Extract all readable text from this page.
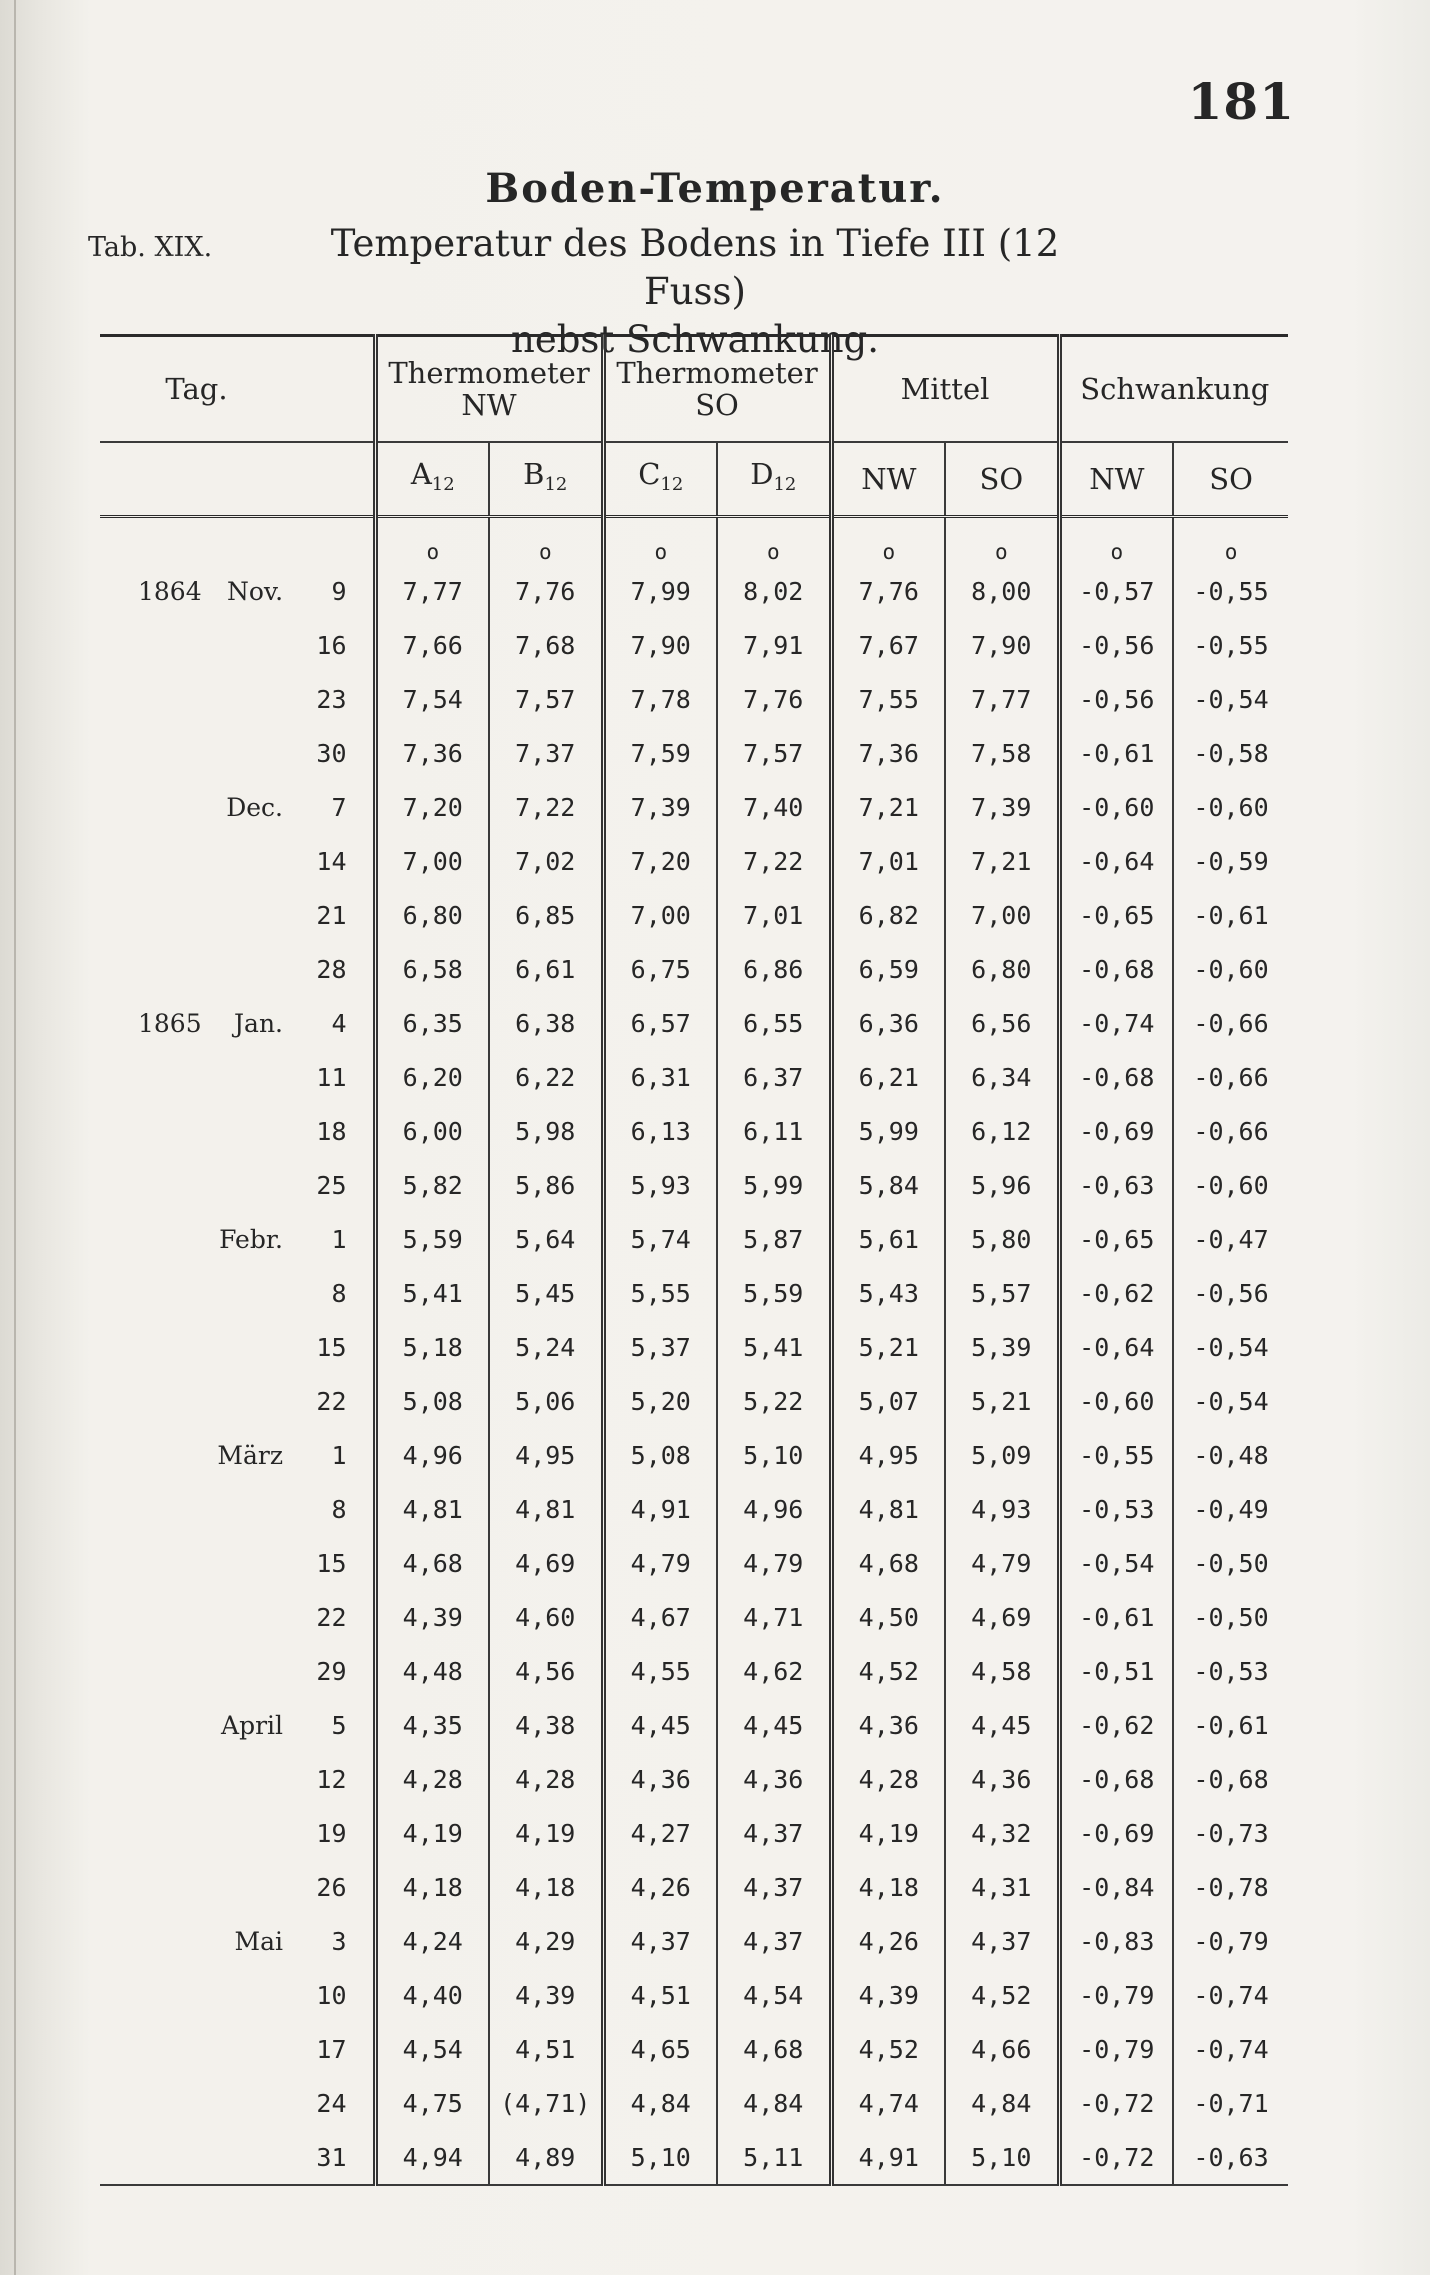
181
Boden-Temperatur.
Tab. XIX.	Temperatur des Bodens in Tiefe III (12 Fuss)
nebst Schwankung.
Tag.			Thermometer NW		Thermometer SO		Mittel		Schwankung	
			$A_{12}$	$B_{12}$	$C_{12}$	$D_{12}$	NW	SO	NW	SO
			o	o	o	o	o	o	o	o
1864	Nov.	9	7,77	7,76	7,99	8,02	7,76	8,00	-0,57	-0,55
		16	7,66	7,68	7,90	7,91	7,67	7,90	-0,56	-0,55
		23	7,54	7,57	7,78	7,76	7,55	7,77	-0,56	-0,54
		30	7,36	7,37	7,59	7,57	7,36	7,58	-0,61	-0,58
	Dec.	7	7,20	7,22	7,39	7,40	7,21	7,39	-0,60	-0,60
		14	7,00	7,02	7,20	7,22	7,01	7,21	-0,64	-0,59
		21	6,80	6,85	7,00	7,01	6,82	7,00	-0,65	-0,61
		28	6,58	6,61	6,75	6,86	6,59	6,80	-0,68	-0,60
1865	Jan.	4	6,35	6,38	6,57	6,55	6,36	6,56	-0,74	-0,66
		11	6,20	6,22	6,31	6,37	6,21	6,34	-0,68	-0,66
		18	6,00	5,98	6,13	6,11	5,99	6,12	-0,69	-0,66
		25	5,82	5,86	5,93	5,99	5,84	5,96	-0,63	-0,60
	Febr.	1	5,59	5,64	5,74	5,87	5,61	5,80	-0,65	-0,47
		8	5,41	5,45	5,55	5,59	5,43	5,57	-0,62	-0,56
		15	5,18	5,24	5,37	5,41	5,21	5,39	-0,64	-0,54
		22	5,08	5,06	5,20	5,22	5,07	5,21	-0,60	-0,54
	März	1	4,96	4,95	5,08	5,10	4,95	5,09	-0,55	-0,48
		8	4,81	4,81	4,91	4,96	4,81	4,93	-0,53	-0,49
		15	4,68	4,69	4,79	4,79	4,68	4,79	-0,54	-0,50
		22	4,39	4,60	4,67	4,71	4,50	4,69	-0,61	-0,50
		29	4,48	4,56	4,55	4,62	4,52	4,58	-0,51	-0,53
	April	5	4,35	4,38	4,45	4,45	4,36	4,45	-0,62	-0,61
		12	4,28	4,28	4,36	4,36	4,28	4,36	-0,68	-0,68
		19	4,19	4,19	4,27	4,37	4,19	4,32	-0,69	-0,73
		26	4,18	4,18	4,26	4,37	4,18	4,31	-0,84	-0,78
	Mai	3	4,24	4,29	4,37	4,37	4,26	4,37	-0,83	-0,79
		10	4,40	4,39	4,51	4,54	4,39	4,52	-0,79	-0,74
		17	4,54	4,51	4,65	4,68	4,52	4,66	-0,79	-0,74
		24	4,75	(4,71)	4,84	4,84	4,74	4,84	-0,72	-0,71
		31	4,94	4,89	5,10	5,11	4,91	5,10	-0,72	-0,63
